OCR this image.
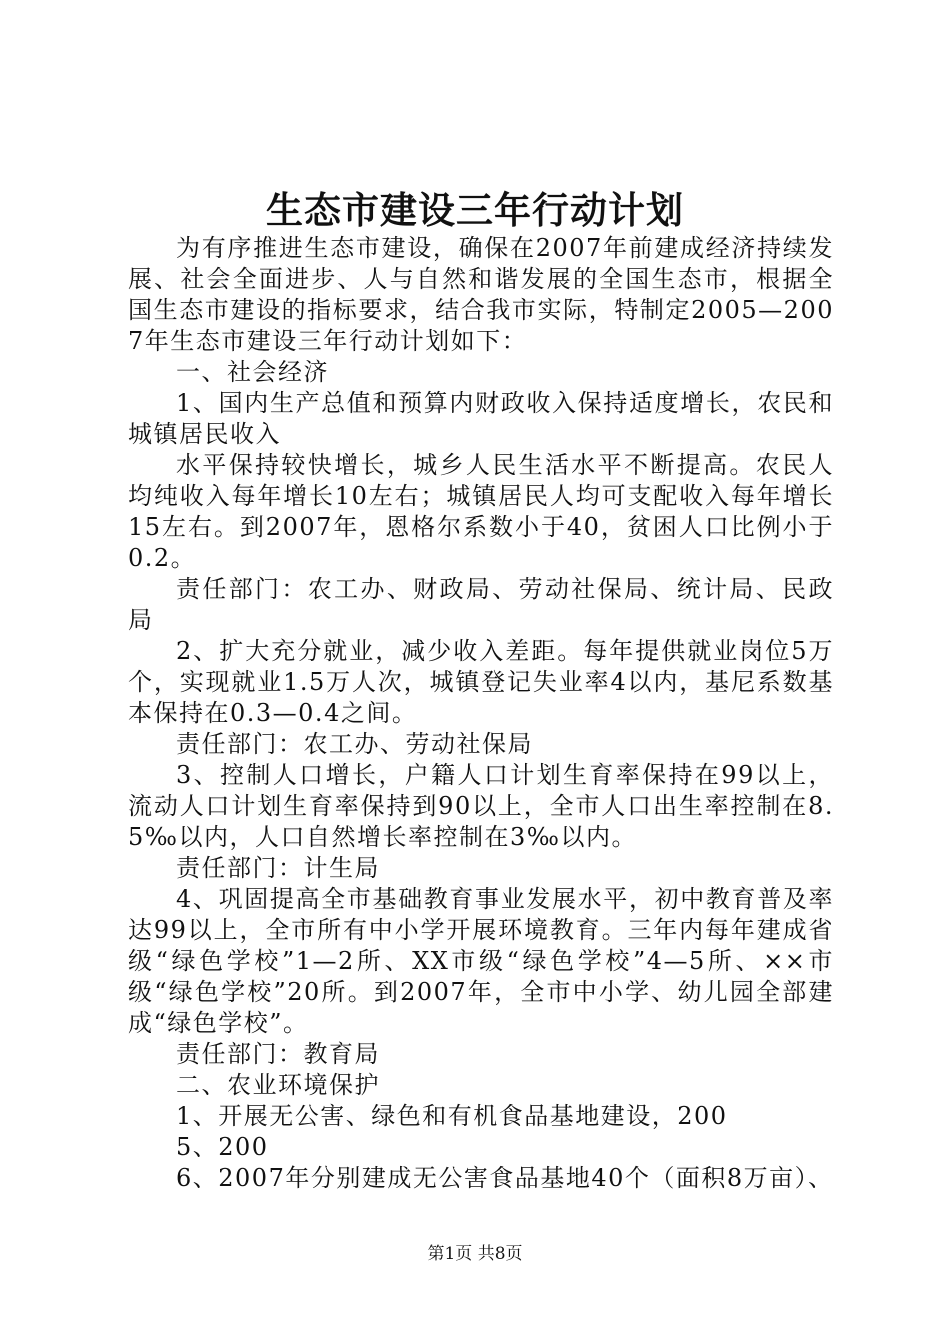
生态市建设三年行动计划

为有序推进生态市建设，确保在2007年前建成经济持续发展、社会全面进步、人与自然和谐发展的全国生态市，根据全国生态市建设的指标要求，结合我市实际，特制定2005—2007年生态市建设三年行动计划如下：

一、社会经济

1、国内生产总值和预算内财政收入保持适度增长，农民和城镇居民收入

水平保持较快增长，城乡人民生活水平不断提高。农民人均纯收入每年增长10左右；城镇居民人均可支配收入每年增长15左右。到2007年，恩格尔系数小于40，贫困人口比例小于0.2。

责任部门：农工办、财政局、劳动社保局、统计局、民政局

2、扩大充分就业，减少收入差距。每年提供就业岗位5万个，实现就业1.5万人次，城镇登记失业率4以内，基尼系数基本保持在0.3—0.4之间。

责任部门：农工办、劳动社保局

3、控制人口增长，户籍人口计划生育率保持在99以上，流动人口计划生育率保持到90以上，全市人口出生率控制在8.5‰以内，人口自然增长率控制在3‰以内。

责任部门：计生局

4、巩固提高全市基础教育事业发展水平，初中教育普及率达99以上，全市所有中小学开展环境教育。三年内每年建成省级“绿色学校”1—2所、XX市级“绿色学校”4—5所、××市级“绿色学校”20所。到2007年，全市中小学、幼儿园全部建成“绿色学校”。

责任部门：教育局

二、农业环境保护

1、开展无公害、绿色和有机食品基地建设，200

5、200

6、2007年分别建成无公害食品基地40个（面积8万亩）、

第1页 共8页
